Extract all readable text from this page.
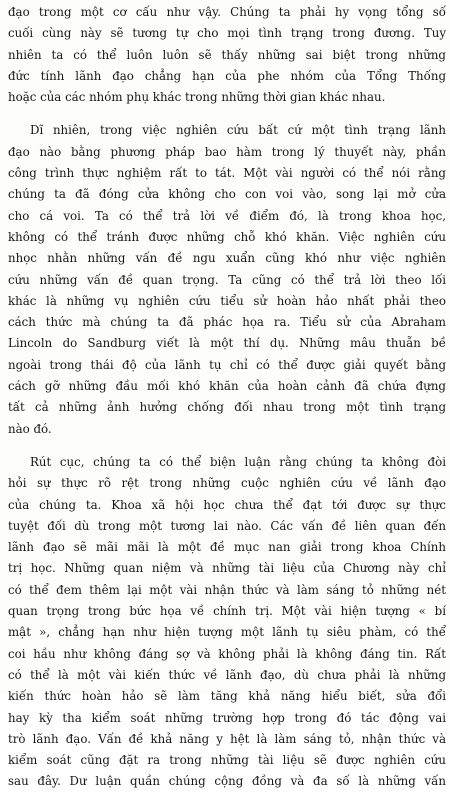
đạo trong một cơ cấu như vậy. Chúng ta phải hy vọng tổng số
cuối cùng này sẽ tương tự cho mọi tình trạng trong đương. Tuy
nhiên ta có thể luôn luôn sẽ thấy những sai biệt trong những
đức tính lãnh đạo chẳng hạn của phe nhóm của Tổng Thống
hoặc của các nhóm phụ khác trong những thời gian khác nhau.

Dĩ nhiên, trong việc nghiên cứu bất cứ một tình trạng lãnh
đạo nào bằng phương pháp bao hàm trong lý thuyết này, phần
công trình thực nghiệm rất to tát. Một vài người có thể nói rằng
chúng ta đã đóng cửa không cho con voi vào, song lại mở cửa
cho cá voi. Ta có thể trả lời về điểm đó, là trong khoa học,
không có thể tránh được những chỗ khó khăn. Việc nghiên cứu
nhọc nhằn những vấn đề ngu xuẩn cũng khó như việc nghiên
cứu những vấn đề quan trọng. Ta cũng có thể trả lời theo lối
khác là những vụ nghiên cứu tiểu sử hoàn hảo nhất phải theo
cách thức mà chúng ta đã phác họa ra. Tiểu sử của Abraham
Lincoln do Sandburg viết là một thí dụ. Những mâu thuẫn bề
ngoài trong thái độ của lãnh tụ chỉ có thể được giải quyết bằng
cách gỡ những đầu mối khó khăn của hoàn cảnh đã chứa đựng
tất cả những ảnh hưởng chống đối nhau trong một tình trạng
nào đó.

Rút cục, chúng ta có thể biện luận rằng chúng ta không đòi
hỏi sự thực rõ rệt trong những cuộc nghiên cứu về lãnh đạo
của chúng ta. Khoa xã hội học chưa thể đạt tới được sự thực
tuyệt đối dù trong một tương lai nào. Các vấn đề liên quan đến
lãnh đạo sẽ mãi mãi là một đề mục nan giải trong khoa Chính
trị học. Những quan niệm và những tài liệu của Chương này chỉ
có thể đem thêm lại một vài nhận thức và làm sáng tỏ những nét
quan trọng trong bức họa về chính trị. Một vài hiện tượng « bí
mật », chẳng hạn như hiện tượng một lãnh tụ siêu phàm, có thể
coi hầu như không đáng sợ và không phải là không đáng tin. Rất
có thể là một vài kiến thức về lãnh đạo, dù chưa phải là những
kiến thức hoàn hảo sẽ làm tăng khả năng hiểu biết, sửa đổi
hay kỳ tha kiểm soát những trường hợp trong đó tác động vai
trò lãnh đạo. Vấn đề khả năng y hệt là làm sáng tỏ, nhận thức và
kiểm soát cũng đặt ra trong những tài liệu sẽ được nghiên cứu
sau đây. Dư luận quần chúng cộng đồng và đa số là những vấn
